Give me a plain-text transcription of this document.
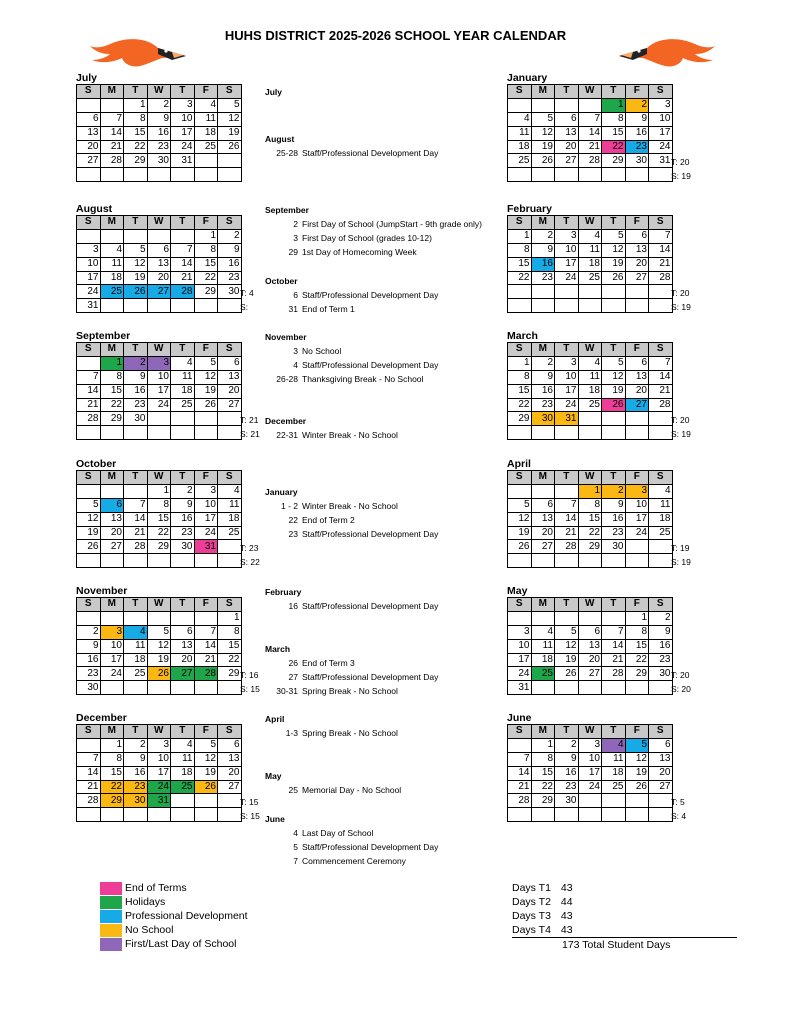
HUHS DISTRICT 2025-2026 SCHOOL YEAR CALENDAR
July
S	M	T	W	T	F	S
		1	2	3	4	5
6	7	8	9	10	11	12
13	14	15	16	17	18	19
20	21	22	23	24	25	26
27	28	29	30	31		

August
S	M	T	W	T	F	S
					1	2
3	4	5	6	7	8	9
10	11	12	13	14	15	16
17	18	19	20	21	22	23
24	25	26	27	28	29	30
31						
T: 4
S:
September
S	M	T	W	T	F	S
	1	2	3	4	5	6
7	8	9	10	11	12	13
14	15	16	17	18	19	20
21	22	23	24	25	26	27
28	29	30				
							T: 21
S: 21
October
S	M	T	W	T	F	S
			1	2	3	4
5	6	7	8	9	10	11
12	13	14	15	16	17	18
19	20	21	22	23	24	25
26	27	28	29	30	31	
							T: 23
S: 22
November
S	M	T	W	T	F	S
						1
2	3	4	5	6	7	8
9	10	11	12	13	14	15
16	17	18	19	20	21	22
23	24	25	26	27	28	29
30						
T: 16
S: 15
December
S	M	T	W	T	F	S
	1	2	3	4	5	6
7	8	9	10	11	12	13
14	15	16	17	18	19	20
21	22	23	24	25	26	27
28	29	30	31			
							T: 15
S: 15
January
S	M	T	W	T	F	S
				1	2	3
4	5	6	7	8	9	10
11	12	13	14	15	16	17
18	19	20	21	22	23	24
25	26	27	28	29	30	31
						T: 20
S: 19
February
S	M	T	W	T	F	S
1	2	3	4	5	6	7
8	9	10	11	12	13	14
15	16	17	18	19	20	21
22	23	24	25	26	27	28

T: 20
S: 19
March
S	M	T	W	T	F	S
1	2	3	4	5	6	7
8	9	10	11	12	13	14
15	16	17	18	19	20	21
22	23	24	25	26	27	28
29	30	31				
							T: 20
S: 19
April
S	M	T	W	T	F	S
			1	2	3	4
5	6	7	8	9	10	11
12	13	14	15	16	17	18
19	20	21	22	23	24	25
26	27	28	29	30		
							T: 19
S: 19
May
S	M	T	W	T	F	S
					1	2
3	4	5	6	7	8	9
10	11	12	13	14	15	16
17	18	19	20	21	22	23
24	25	26	27	28	29	30
31						
T: 20
S: 20
June
S	M	T	W	T	F	S
	1	2	3	4	5	6
7	8	9	10	11	12	13
14	15	16	17	18	19	20
21	22	23	24	25	26	27
28	29	30				
							T: 5
S: 4
July
August
25-28 Staff/Professional Development Day
September
2 First Day of School (JumpStart - 9th grade only)
3 First Day of School (grades 10-12)
29 1st Day of Homecoming Week
October
6 Staff/Professional Development Day
31 End of Term 1
November
3 No School
4 Staff/Professional Development Day
26-28 Thanksgiving Break - No School
December
22-31 Winter Break - No School
January
1 - 2 Winter Break - No School
22 End of Term 2
23 Staff/Professional Development Day
February
16 Staff/Professional Development Day
March
26 End of Term 3
27 Staff/Professional Development Day
30-31 Spring Break - No School
April
1-3 Spring Break - No School
May
25 Memorial Day - No School
June
4 Last Day of School
5 Staff/Professional Development Day
7 Commencement Ceremony
End of Terms
Holidays
Professional Development
No School
First/Last Day of School
Days T1 43
Days T2 44
Days T3 43
Days T4 43
173 Total Student Days
